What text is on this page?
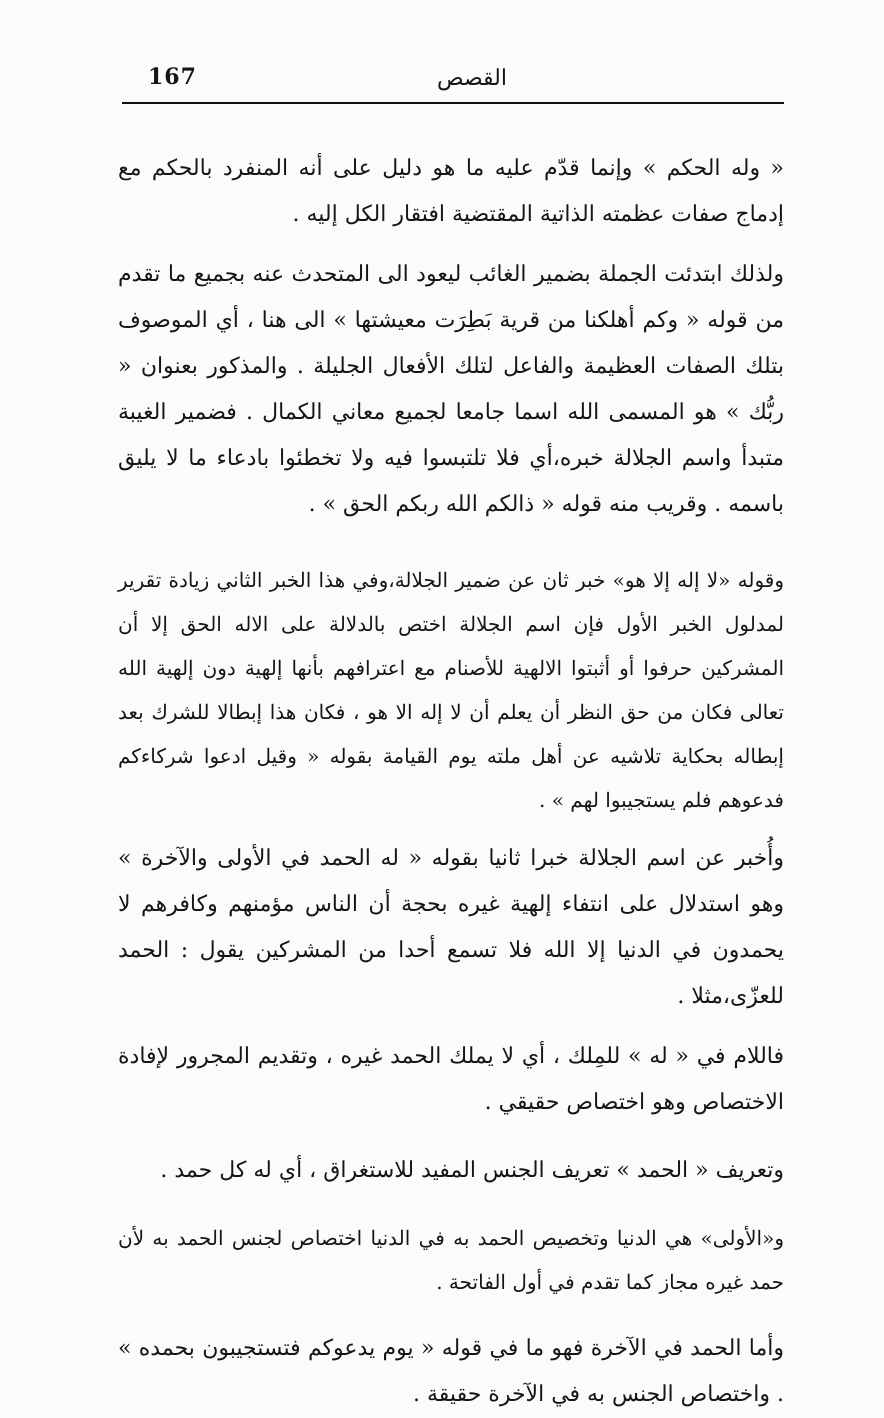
167	القصص

« وله الحكم » وإنما قدّم عليه ما هو دليل على أنه المنفرد بالحكم مع إدماج صفات عظمته الذاتية المقتضية افتقار الكل إليه .

ولذلك ابتدئت الجملة بضمير الغائب ليعود الى المتحدث عنه بجميع ما تقدم من قوله « وكم أهلكنا من قرية بَطِرَت معيشتها » الى هنا ، أي الموصوف بتلك الصفات العظيمة والفاعل لتلك الأفعال الجليلة . والمذكور بعنوان « ربُّك » هو المسمى الله اسما جامعا لجميع معاني الكمال . فضمير الغيبة متبدأ واسم الجلالة خبره،أي فلا تلتبسوا فيه ولا تخطئوا بادعاء ما لا يليق باسمه . وقريب منه قوله « ذالكم الله ربكم الحق » .

وقوله «لا إله إلا هو» خبر ثان عن ضمير الجلالة،وفي هذا الخبر الثاني زيادة تقرير لمدلول الخبر الأول فإن اسم الجلالة اختص بالدلالة على الاله الحق إلا أن المشركين حرفوا أو أثبتوا الالهية للأصنام مع اعترافهم بأنها إلهية دون إلهية الله تعالى فكان من حق النظر أن يعلم أن لا إله الا هو ، فكان هذا إبطالا للشرك بعد إبطاله بحكاية تلاشيه عن أهل ملته يوم القيامة بقوله « وقيل ادعوا شركاءكم فدعوهم فلم يستجيبوا لهم » .

وأُخبر عن اسم الجلالة خبرا ثانيا بقوله « له الحمد في الأولى والآخرة » وهو استدلال على انتفاء إلهية غيره بحجة أن الناس مؤمنهم وكافرهم لا يحمدون في الدنيا إلا الله فلا تسمع أحدا من المشركين يقول : الحمد للعزّى،مثلا .

فاللام في « له » للمِلك ، أي لا يملك الحمد غيره ، وتقديم المجرور لإفادة الاختصاص وهو اختصاص حقيقي .

وتعريف « الحمد » تعريف الجنس المفيد للاستغراق ، أي له كل حمد .

و«الأولى» هي الدنيا وتخصيص الحمد به في الدنيا اختصاص لجنس الحمد به لأن حمد غيره مجاز كما تقدم في أول الفاتحة .

وأما الحمد في الآخرة فهو ما في قوله « يوم يدعوكم فتستجيبون بحمده » . واختصاص الجنس به في الآخرة حقيقة .
